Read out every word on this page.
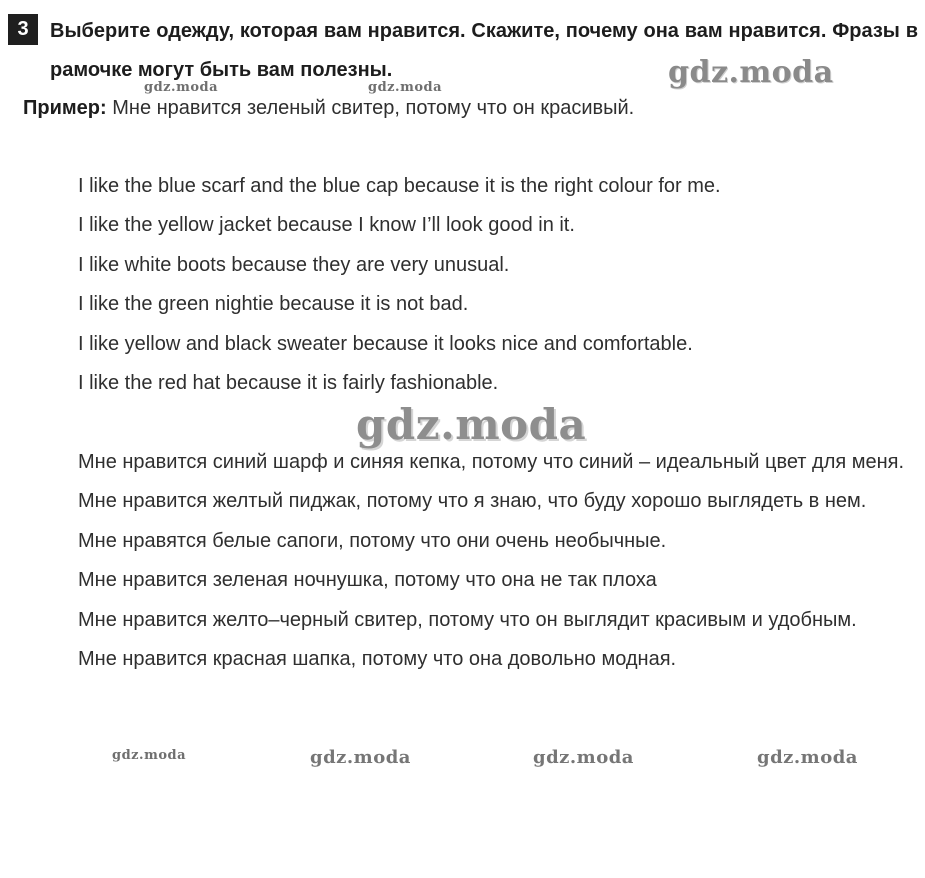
3	Выберите одежду, которая вам нравится. Скажите, почему она вам нравится. Фразы в рамочке могут быть вам полезны.

Пример: Мне нравится зеленый свитер, потому что он красивый.

I like the blue scarf and the blue cap because it is the right colour for me.

I like the yellow jacket because I know I’ll look good in it.

I like white boots because they are very unusual.

I like the green nightie because it is not bad.

I like yellow and black sweater because it looks nice and comfortable.

I like the red hat because it is fairly fashionable.

Мне нравится синий шарф и синяя кепка, потому что синий – идеальный цвет для меня.

Мне нравится желтый пиджак, потому что я знаю, что буду хорошо выглядеть в нем.

Мне нравятся белые сапоги, потому что они очень необычные.

Мне нравится зеленая ночнушка, потому что она не так плоха

Мне нравится желто–черный свитер, потому что он выглядит красивым и удобным.

Мне нравится красная шапка, потому что она довольно модная.

gdz.moda	gdz.moda	gdz.moda
gdz.moda
gdz.moda	gdz.moda	gdz.moda	gdz.moda
